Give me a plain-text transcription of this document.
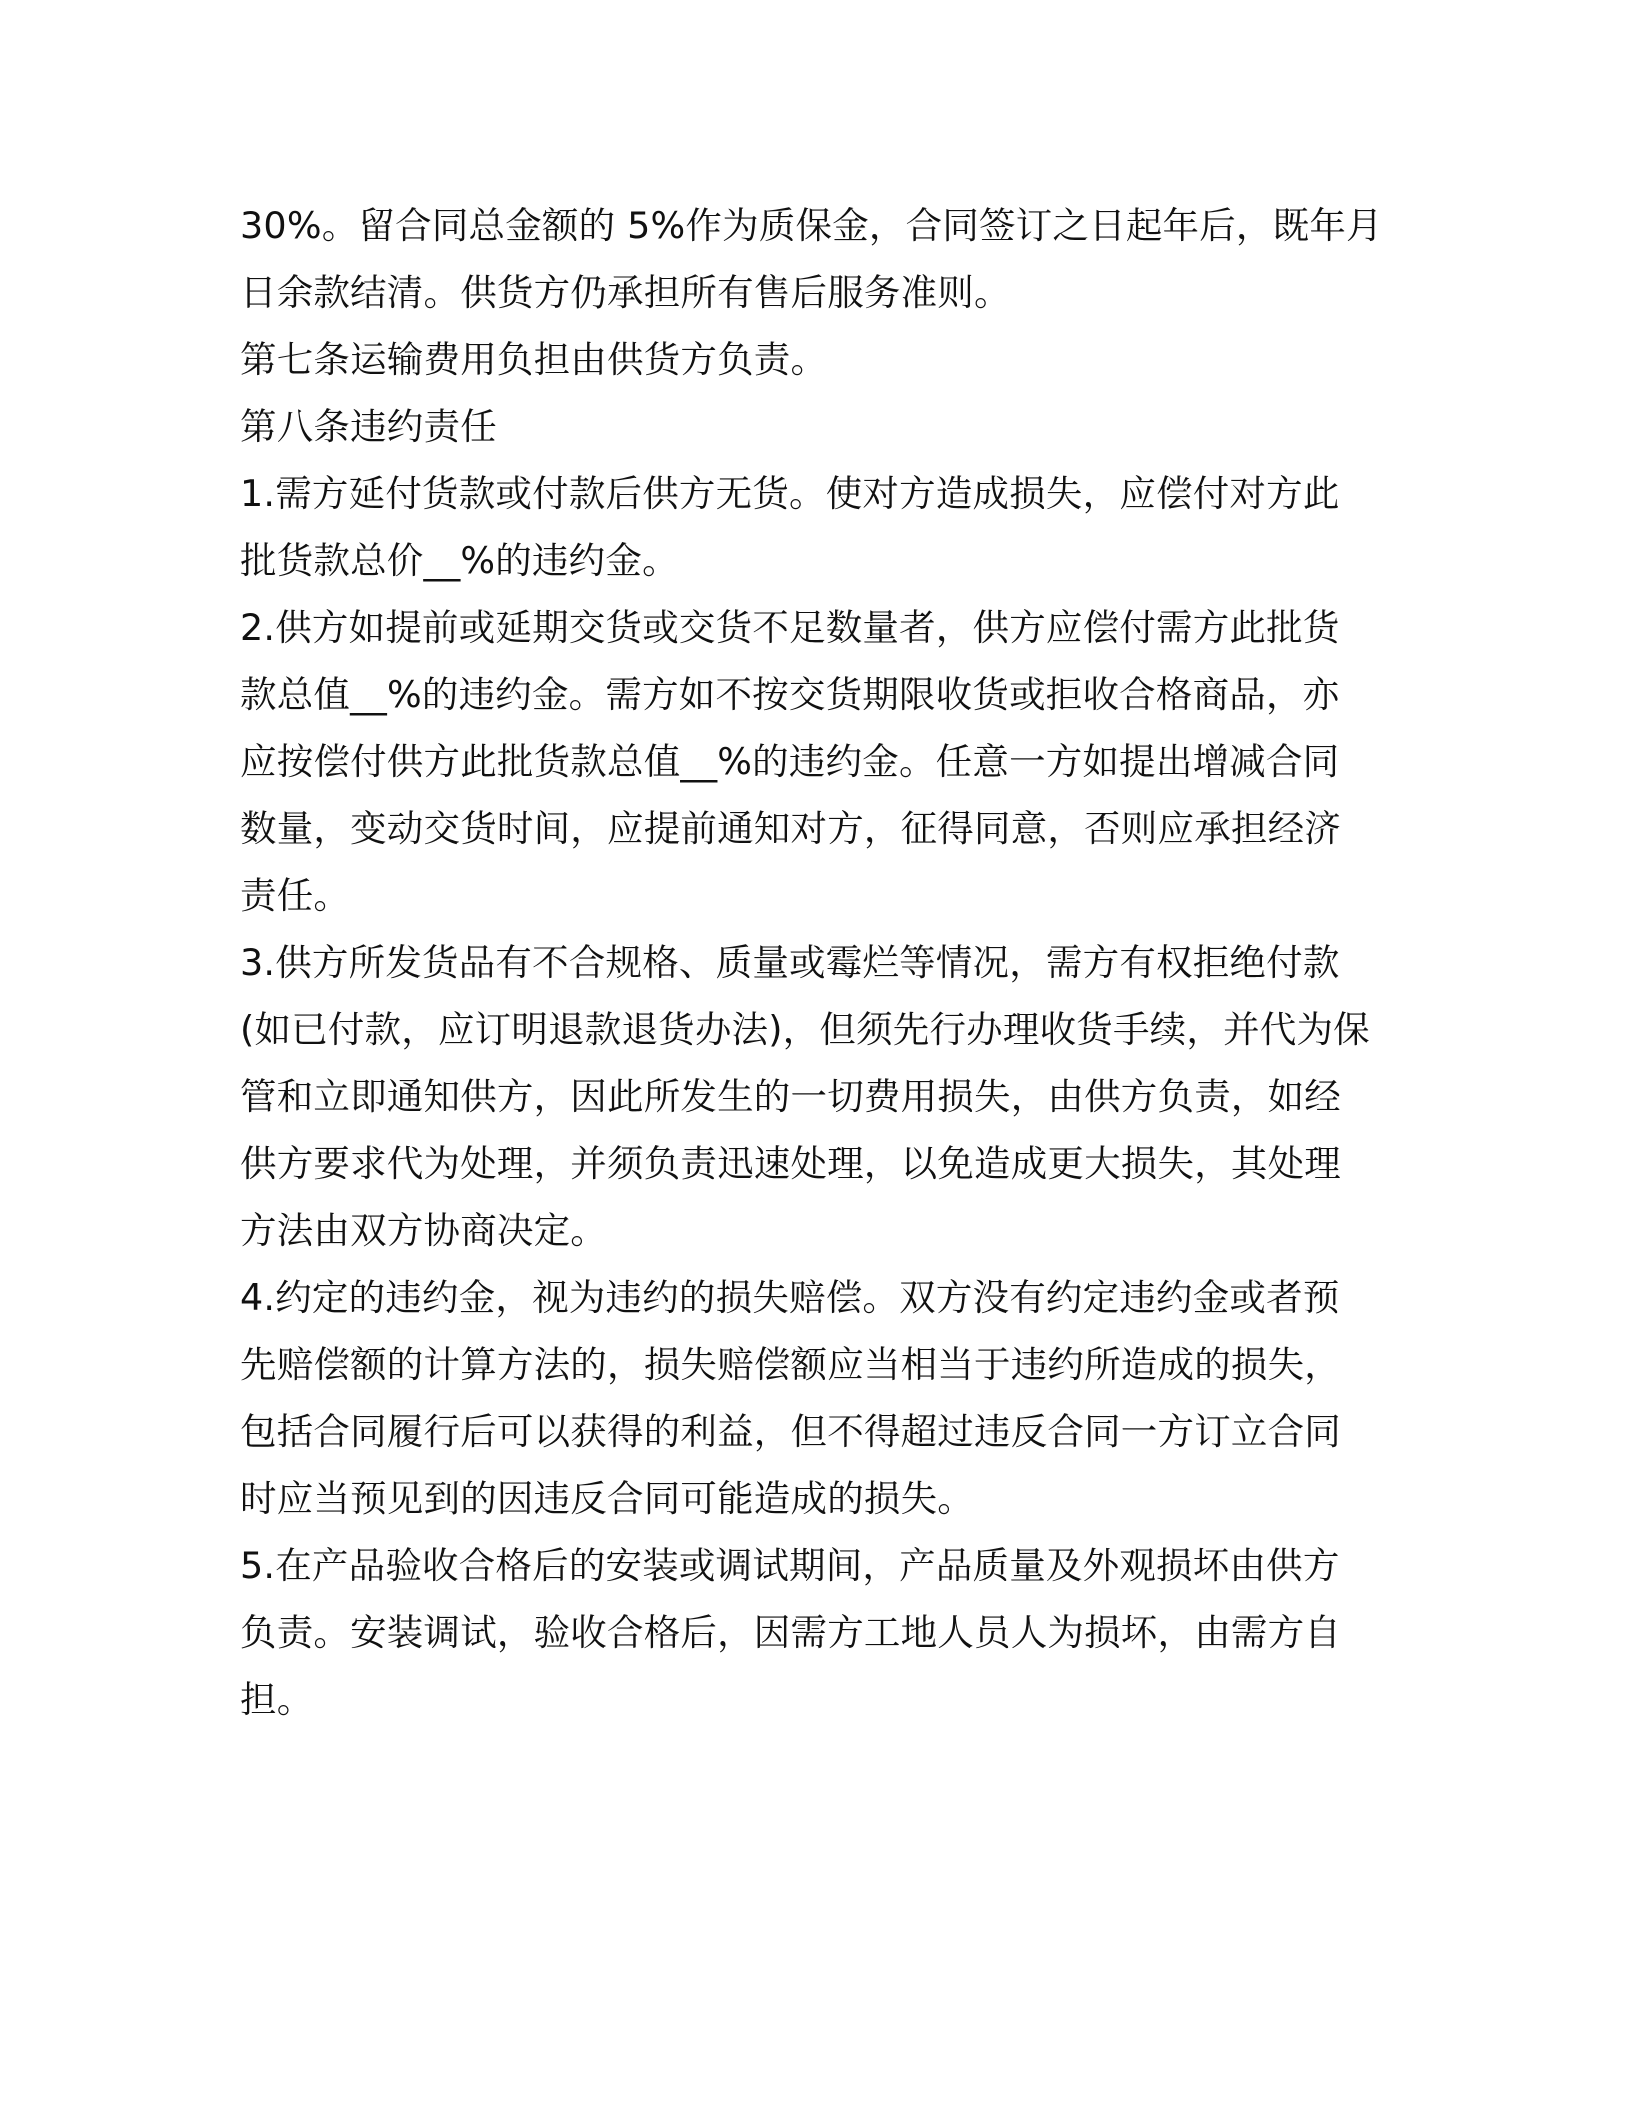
30%。留合同总金额的 5%作为质保金，合同签订之日起年后，既年月
日余款结清。供货方仍承担所有售后服务准则。
第七条运输费用负担由供货方负责。
第八条违约责任
1.需方延付货款或付款后供方无货。使对方造成损失，应偿付对方此
批货款总价__%的违约金。
2.供方如提前或延期交货或交货不足数量者，供方应偿付需方此批货
款总值__%的违约金。需方如不按交货期限收货或拒收合格商品，亦
应按偿付供方此批货款总值__%的违约金。任意一方如提出增减合同
数量，变动交货时间，应提前通知对方，征得同意，否则应承担经济
责任。
3.供方所发货品有不合规格、质量或霉烂等情况，需方有权拒绝付款
(如已付款，应订明退款退货办法)，但须先行办理收货手续，并代为保
管和立即通知供方，因此所发生的一切费用损失，由供方负责，如经
供方要求代为处理，并须负责迅速处理，以免造成更大损失，其处理
方法由双方协商决定。
4.约定的违约金，视为违约的损失赔偿。双方没有约定违约金或者预
先赔偿额的计算方法的，损失赔偿额应当相当于违约所造成的损失，
包括合同履行后可以获得的利益，但不得超过违反合同一方订立合同
时应当预见到的因违反合同可能造成的损失。
5.在产品验收合格后的安装或调试期间，产品质量及外观损坏由供方
负责。安装调试，验收合格后，因需方工地人员人为损坏，由需方自
担。
